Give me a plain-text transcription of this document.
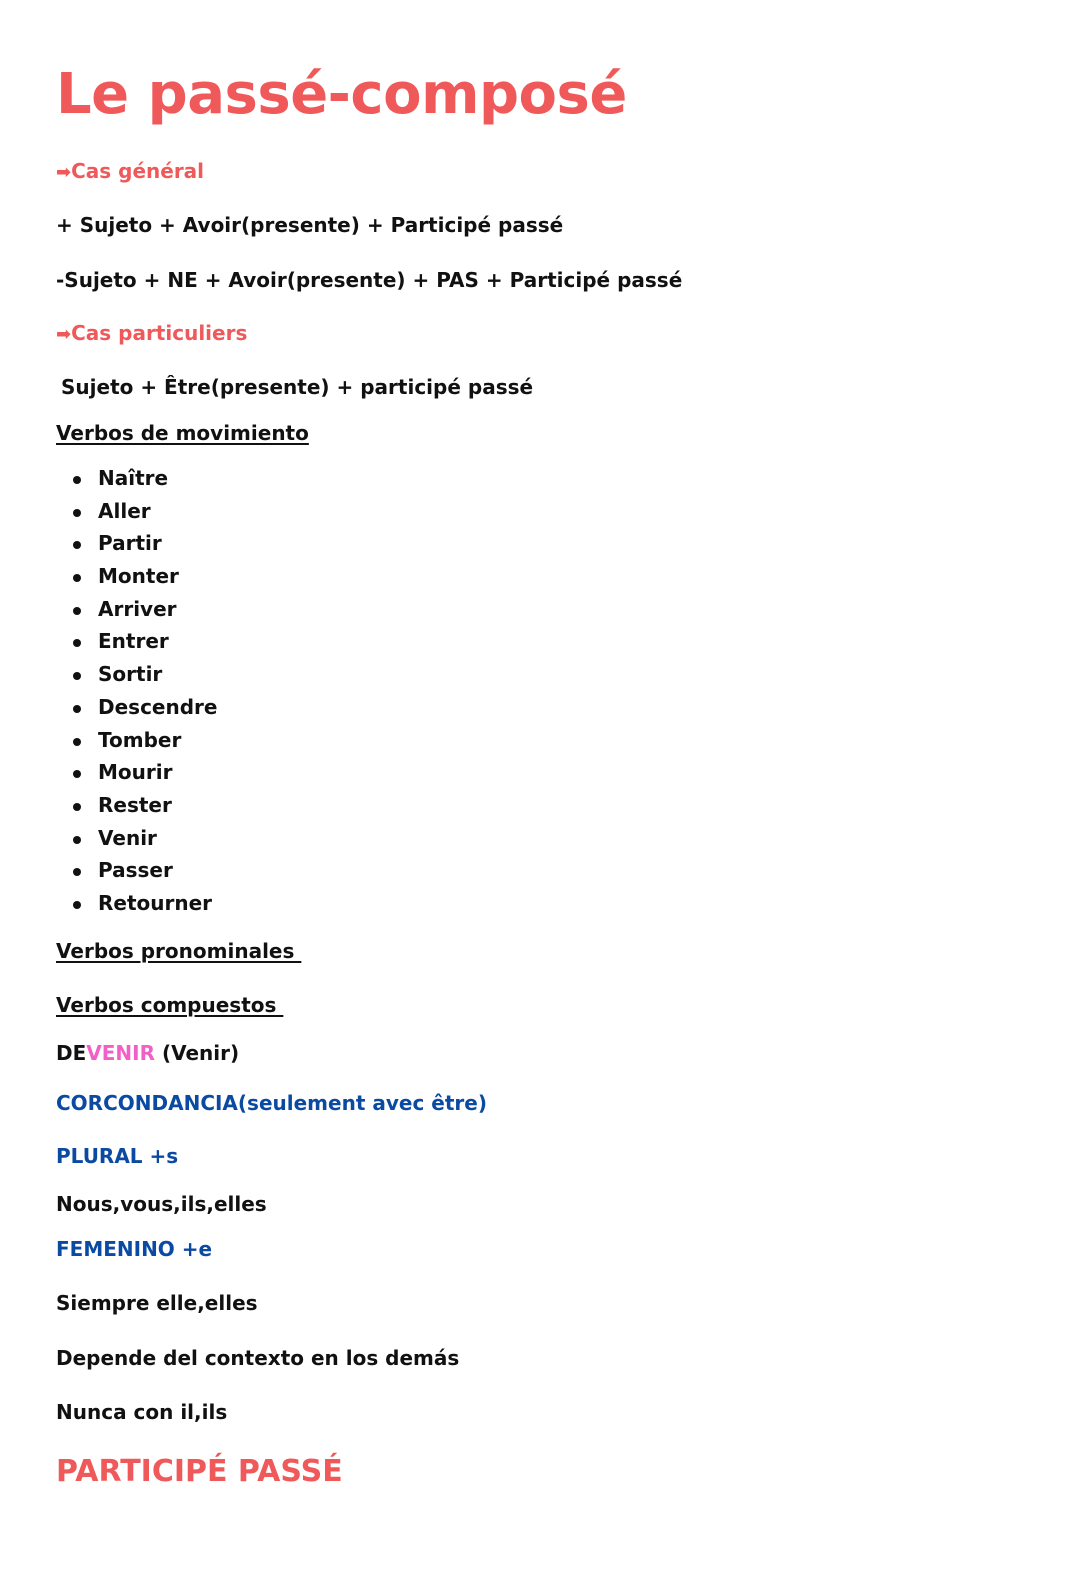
Le passé-composé
➡Cas général
+ Sujeto + Avoir(presente) + Participé passé
-Sujeto + NE + Avoir(presente) + PAS + Participé passé
➡Cas particuliers
Sujeto + Être(presente) + participé passé
Verbos de movimiento
Naître
Aller
Partir
Monter
Arriver
Entrer
Sortir
Descendre
Tomber
Mourir
Rester
Venir
Passer
Retourner
Verbos pronominales
Verbos compuestos
DEVENIR (Venir)
CORCONDANCIA(seulement avec être)
PLURAL +s
Nous,vous,ils,elles
FEMENINO +e
Siempre elle,elles
Depende del contexto en los demás
Nunca con il,ils
PARTICIPÉ PASSÉ
